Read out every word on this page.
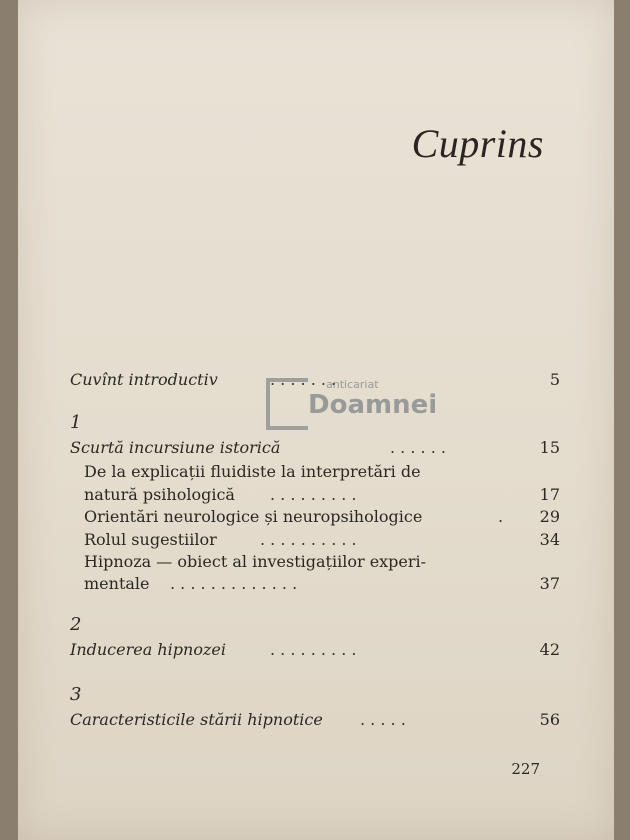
Cuprins
anticariat
Doamnei
Cuvînt introductiv	. . . . . . .	5
1
Scurtă incursiune istorică	. . . . . .	15
De la explicații fluidiste la interpretări de
natură psihologică . . . . . . . . .	17
Orientări neurologice și neuropsihologice	. 29
Rolul sugestiilor	. . . . . . . . . .	34
Hipnoza — obiect al investigațiilor experi-
mentale . . . . . . . . . . . . .	37
2
Inducerea hipnozei	. . . . . . . . .	42
3
Caracteristicile stării hipnotice . . . . .	56
227
